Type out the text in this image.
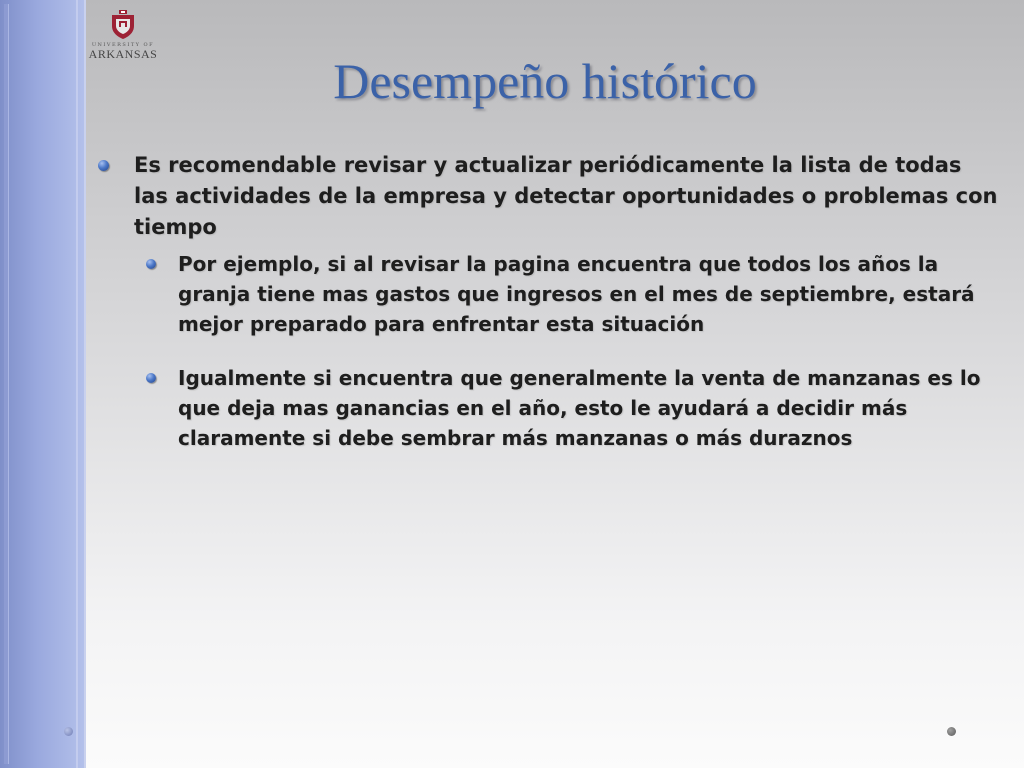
UNIVERSITY OF
ARKANSAS	Desempeño histórico
Es recomendable revisar y actualizar periódicamente la lista de todas las actividades de la empresa y detectar oportunidades o problemas con tiempo
Por ejemplo, si al revisar la pagina encuentra que todos los años la granja tiene mas gastos que ingresos en el mes de septiembre, estará mejor preparado para enfrentar esta situación
Igualmente si encuentra que generalmente la venta de manzanas es lo que deja mas ganancias en el año, esto le ayudará a decidir más claramente si debe sembrar más manzanas o más duraznos
